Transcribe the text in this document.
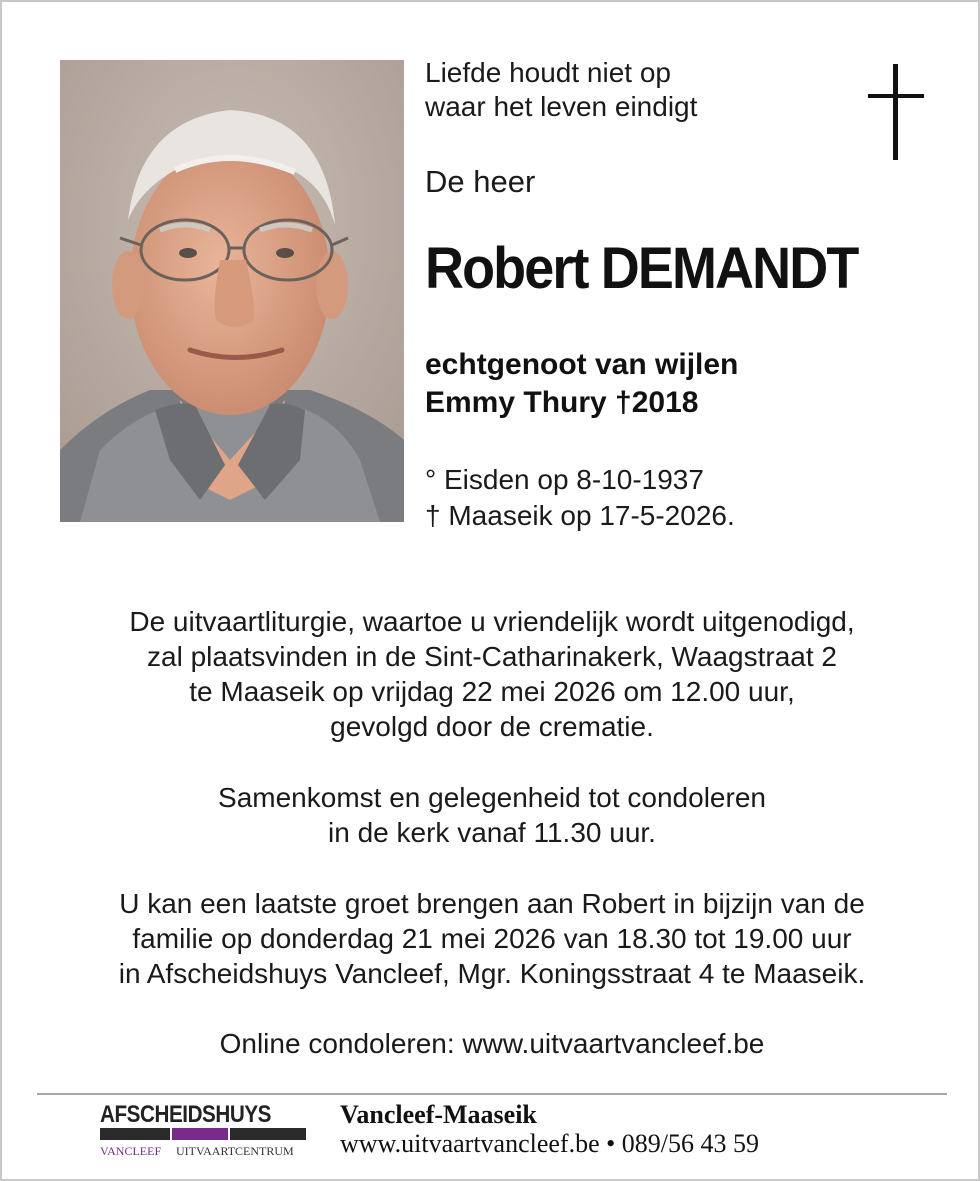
Liefde houdt niet op
waar het leven eindigt
De heer
Robert DEMANDT
echtgenoot van wijlen
Emmy Thury †2018
° Eisden op 8-10-1937
† Maaseik op 17-5-2026.
De uitvaartliturgie, waartoe u vriendelijk wordt uitgenodigd,
zal plaatsvinden in de Sint-Catharinakerk, Waagstraat 2
te Maaseik op vrijdag 22 mei 2026 om 12.00 uur,
gevolgd door de crematie.
Samenkomst en gelegenheid tot condoleren
in de kerk vanaf 11.30 uur.
U kan een laatste groet brengen aan Robert in bijzijn van de
familie op donderdag 21 mei 2026 van 18.30 tot 19.00 uur
in Afscheidshuys Vancleef, Mgr. Koningsstraat 4 te Maaseik.
Online condoleren: www.uitvaartvancleef.be
AFSCHEIDSHUYS
VANCLEEF UITVAARTCENTRUM
Vancleef-Maaseik
www.uitvaartvancleef.be • 089/56 43 59
